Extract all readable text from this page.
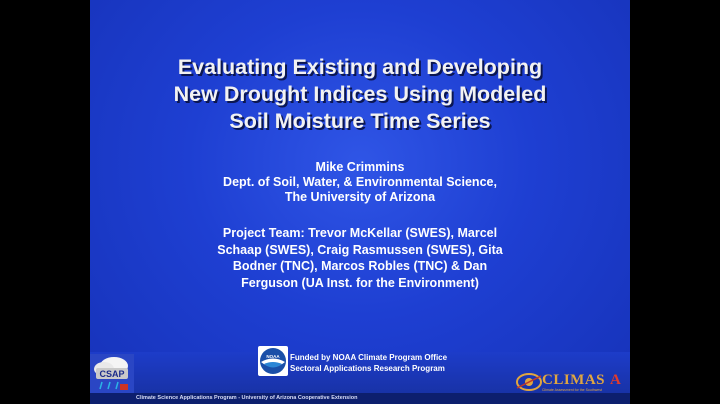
Evaluating Existing and Developing
New Drought Indices Using Modeled
Soil Moisture Time Series
Mike Crimmins
Dept. of Soil, Water, & Environmental Science,
The University of Arizona
Project Team: Trevor McKellar (SWES), Marcel
Schaap (SWES), Craig Rasmussen (SWES), Gita
Bodner (TNC), Marcos Robles (TNC) & Dan
Ferguson (UA Inst. for the Environment)
CSAP
NOAA Funded by NOAA Climate Program Office
Sectoral Applications Research Program
Climate Science Applications Program - University of Arizona Cooperative Extension
CLIMAS A
Climate Assessment for the Southwest
